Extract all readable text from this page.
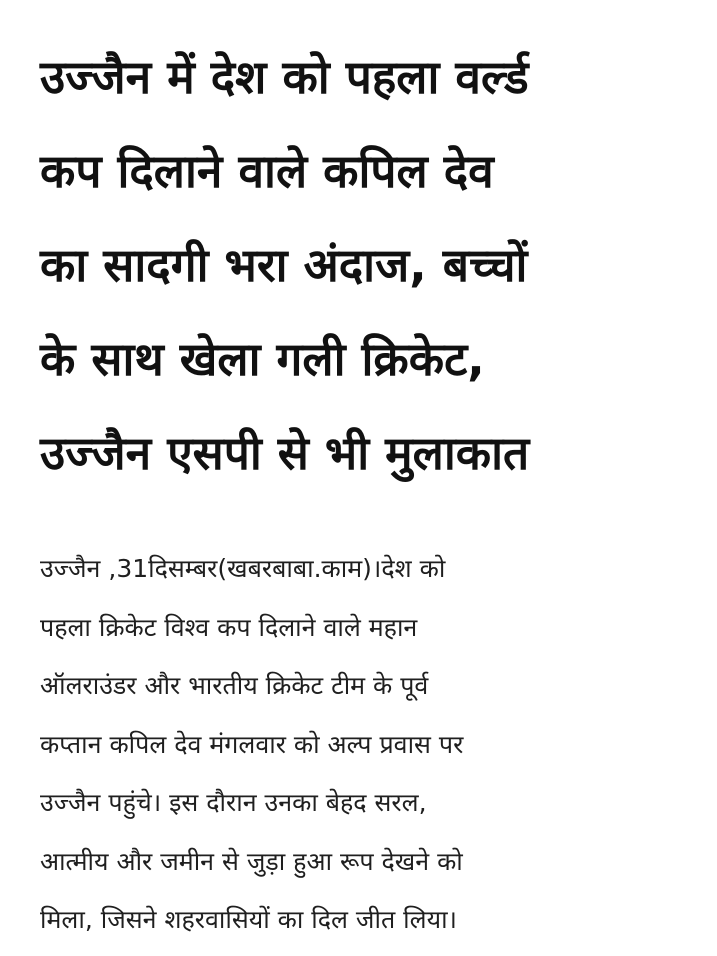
उज्जैन में देश को पहला वर्ल्ड
कप दिलाने वाले कपिल देव
का सादगी भरा अंदाज, बच्चों
के साथ खेला गली क्रिकेट,
उज्जैन एसपी से भी मुलाकात

उज्जैन ,31दिसम्बर(खबरबाबा.काम)।देश को
पहला क्रिकेट विश्व कप दिलाने वाले महान
ऑलराउंडर और भारतीय क्रिकेट टीम के पूर्व
कप्तान कपिल देव मंगलवार को अल्प प्रवास पर
उज्जैन पहुंचे। इस दौरान उनका बेहद सरल,
आत्मीय और जमीन से जुड़ा हुआ रूप देखने को
मिला, जिसने शहरवासियों का दिल जीत लिया।
